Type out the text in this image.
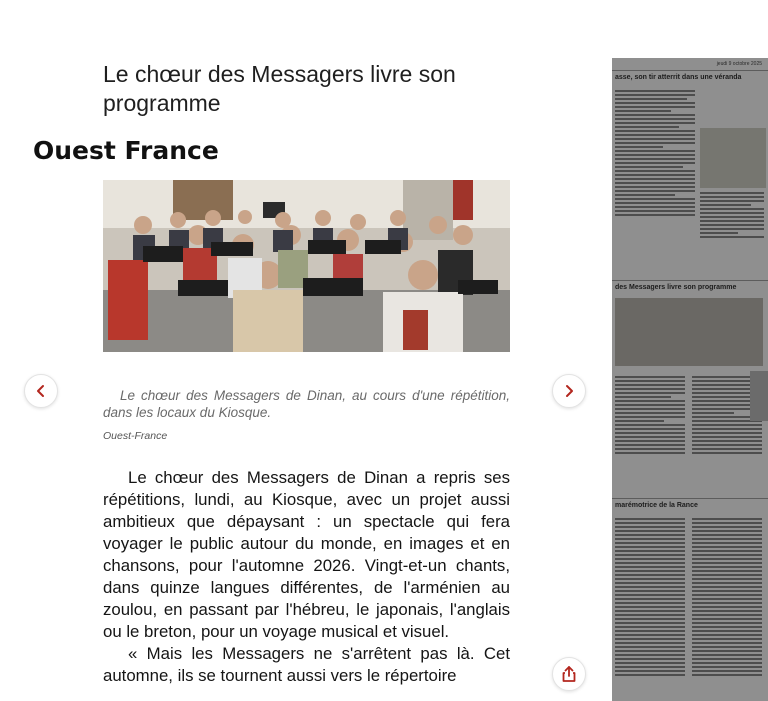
Le chœur des Messagers livre son programme
Ouest France
Le chœur des Messagers de Dinan, au cours d'une répétition, dans les locaux du Kiosque.
Ouest-France

Le chœur des Messagers de Dinan a repris ses répétitions, lundi, au Kiosque, avec un projet aussi ambitieux que dépaysant : un spectacle qui fera voyager le public autour du monde, en images et en chansons, pour l'automne 2026. Vingt-et-un chants, dans quinze langues différentes, de l'arménien au zoulou, en passant par l'hébreu, le japonais, l'anglais ou le breton, pour un voyage musical et visuel.

« Mais les Messagers ne s'arrêtent pas là. Cet automne, ils se tournent aussi vers le répertoire

jeudi 9 octobre 2025
asse, son tir atterrit dans une véranda
des Messagers livre son programme
marémotrice de la Rance
